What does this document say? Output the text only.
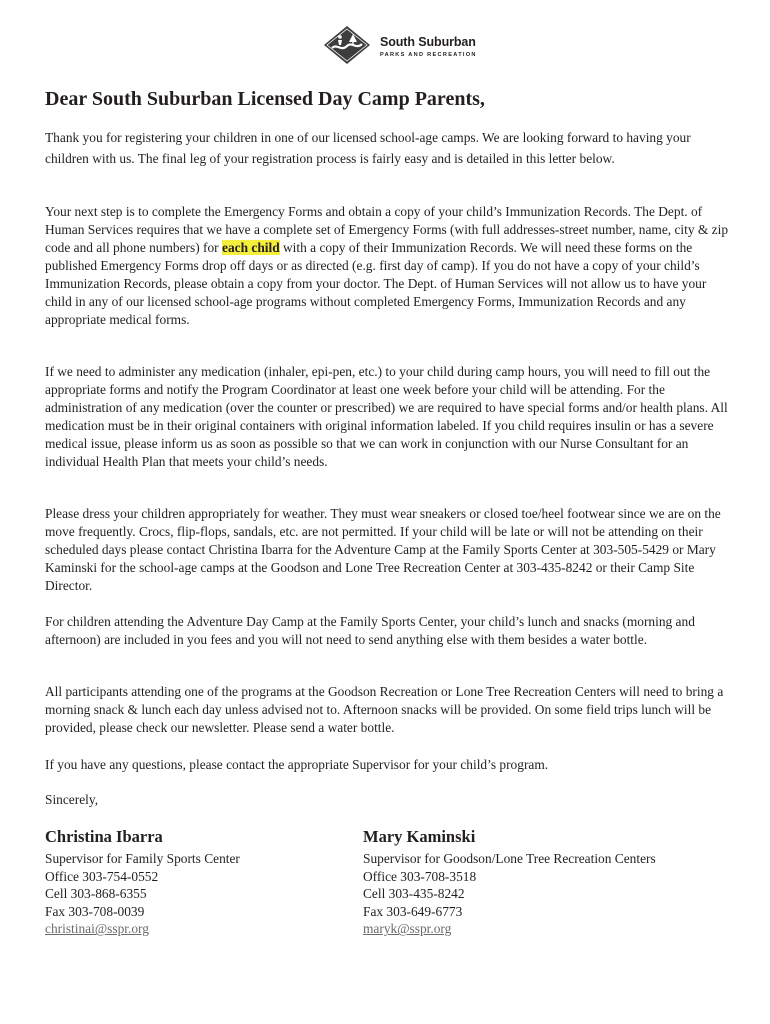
South Suburban
PARKS AND RECREATION
Dear South Suburban Licensed Day Camp Parents,

Thank you for registering your children in one of our licensed school-age camps. We are looking forward to having your children with us. The final leg of your registration process is fairly easy and is detailed in this letter below.

Your next step is to complete the Emergency Forms and obtain a copy of your child’s Immunization Records. The Dept. of Human Services requires that we have a complete set of Emergency Forms (with full addresses-street number, name, city & zip code and all phone numbers) for each child with a copy of their Immunization Records. We will need these forms on the published Emergency Forms drop off days or as directed (e.g. first day of camp). If you do not have a copy of your child’s Immunization Records, please obtain a copy from your doctor. The Dept. of Human Services will not allow us to have your child in any of our licensed school-age programs without completed Emergency Forms, Immunization Records and any appropriate medical forms.

If we need to administer any medication (inhaler, epi-pen, etc.) to your child during camp hours, you will need to fill out the appropriate forms and notify the Program Coordinator at least one week before your child will be attending. For the administration of any medication (over the counter or prescribed) we are required to have special forms and/or health plans. All medication must be in their original containers with original information labeled. If you child requires insulin or has a severe medical issue, please inform us as soon as possible so that we can work in conjunction with our Nurse Consultant for an individual Health Plan that meets your child’s needs.

Please dress your children appropriately for weather. They must wear sneakers or closed toe/heel footwear since we are on the move frequently. Crocs, flip-flops, sandals, etc. are not permitted. If your child will be late or will not be attending on their scheduled days please contact Christina Ibarra for the Adventure Camp at the Family Sports Center at 303-505-5429 or Mary Kaminski for the school-age camps at the Goodson and Lone Tree Recreation Center at 303-435-8242 or their Camp Site Director.

For children attending the Adventure Day Camp at the Family Sports Center, your child’s lunch and snacks (morning and afternoon) are included in you fees and you will not need to send anything else with them besides a water bottle.

All participants attending one of the programs at the Goodson Recreation or Lone Tree Recreation Centers will need to bring a morning snack & lunch each day unless advised not to. Afternoon snacks will be provided. On some field trips lunch will be provided, please check our newsletter. Please send a water bottle.

If you have any questions, please contact the appropriate Supervisor for your child’s program.

Sincerely,

Christina Ibarra

Supervisor for Family Sports Center

Office 303-754-0552

Cell 303-868-6355

Fax 303-708-0039

christinai@sspr.org

Mary Kaminski

Supervisor for Goodson/Lone Tree Recreation Centers

Office 303-708-3518

Cell 303-435-8242

Fax 303-649-6773

maryk@sspr.org
